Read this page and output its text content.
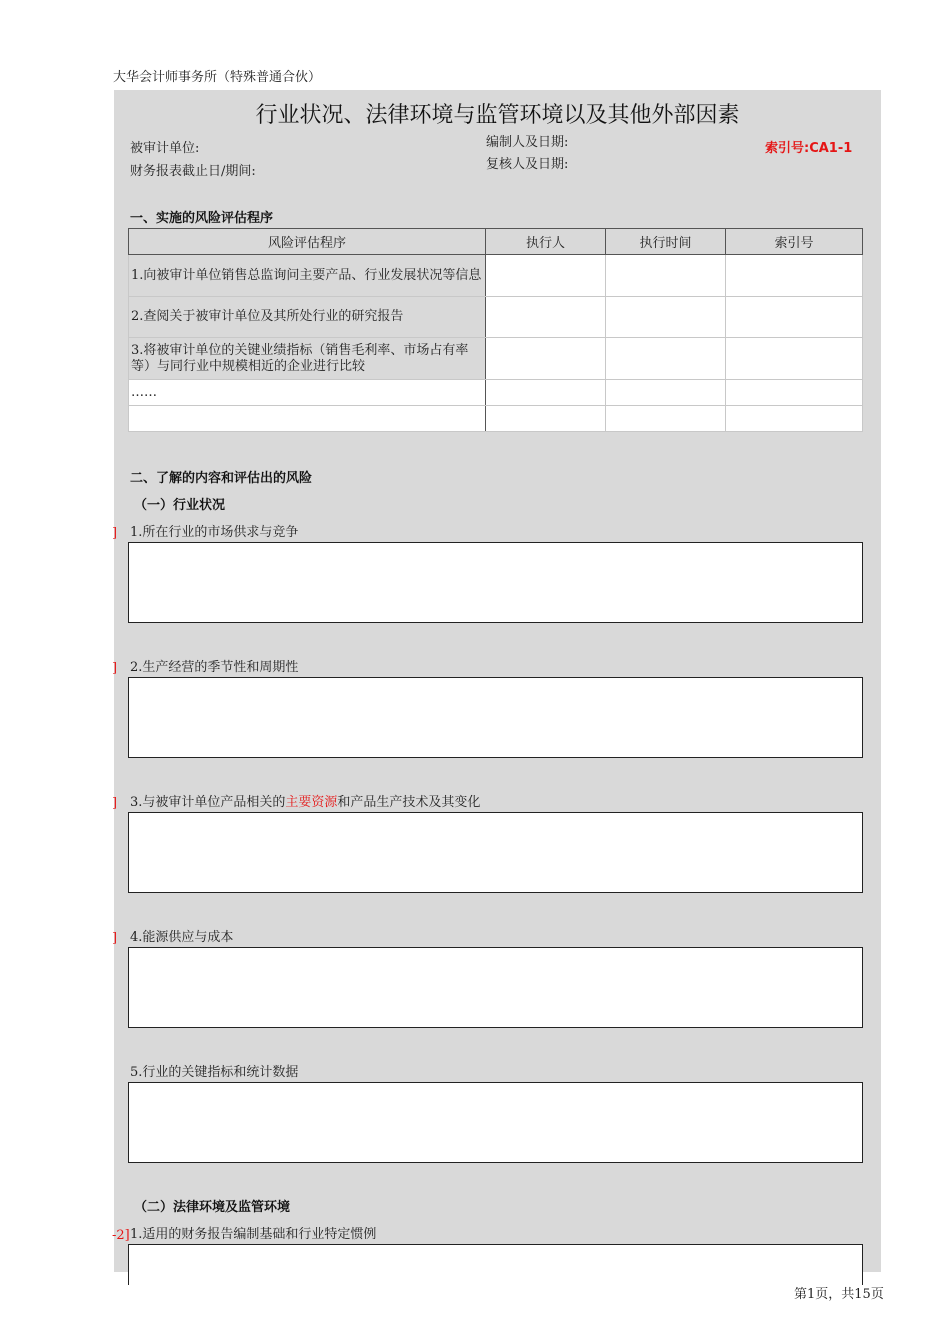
大华会计师事务所（特殊普通合伙）
行业状况、法律环境与监管环境以及其他外部因素
被审计单位:
财务报表截止日/期间:
编制人及日期:
复核人及日期:
索引号:CA1-1
一、实施的风险评估程序
风险评估程序	执行人	执行时间	索引号
1.向被审计单位销售总监询问主要产品、行业发展状况等信息			
2.查阅关于被审计单位及其所处行业的研究报告			
3.将被审计单位的关键业绩指标（销售毛利率、市场占有率等）与同行业中规模相近的企业进行比较			
……			

二、了解的内容和评估出的风险
（一）行业状况
] 1.所在行业的市场供求与竞争
] 2.生产经营的季节性和周期性
] 3.与被审计单位产品相关的主要资源和产品生产技术及其变化
] 4.能源供应与成本
5.行业的关键指标和统计数据
（二）法律环境及监管环境
-2] 1.适用的财务报告编制基础和行业特定惯例
第1页，共15页
